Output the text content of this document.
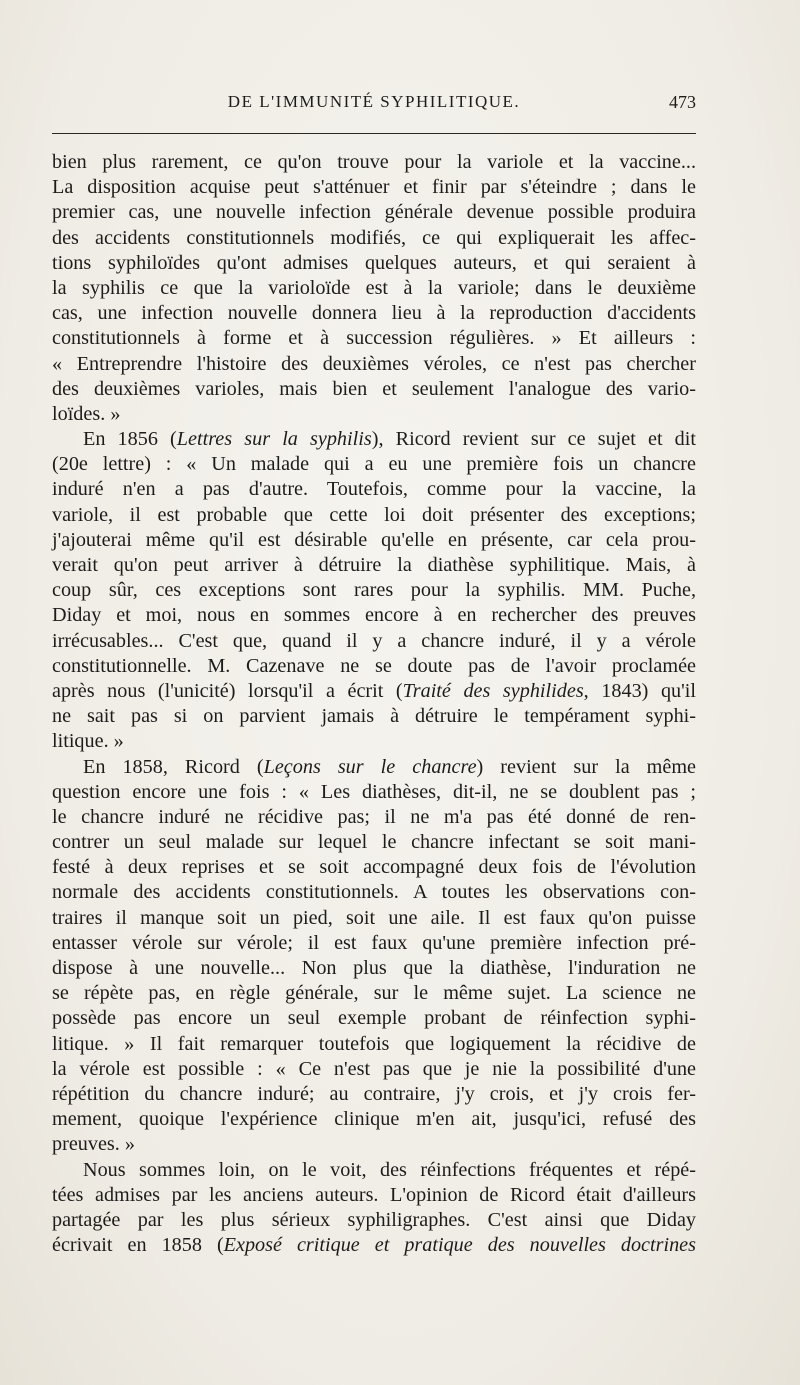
DE L'IMMUNITÉ SYPHILITIQUE.	473
bien plus rarement, ce qu'on trouve pour la variole et la vaccine...
La disposition acquise peut s'atténuer et finir par s'éteindre ; dans le
premier cas, une nouvelle infection générale devenue possible produira
des accidents constitutionnels modifiés, ce qui expliquerait les affec-
tions syphiloïdes qu'ont admises quelques auteurs, et qui seraient à
la syphilis ce que la varioloïde est à la variole; dans le deuxième
cas, une infection nouvelle donnera lieu à la reproduction d'accidents
constitutionnels à forme et à succession régulières. » Et ailleurs :
« Entreprendre l'histoire des deuxièmes véroles, ce n'est pas chercher
des deuxièmes varioles, mais bien et seulement l'analogue des vario-
loïdes. »
En 1856 (Lettres sur la syphilis), Ricord revient sur ce sujet et dit
(20e lettre) : « Un malade qui a eu une première fois un chancre
induré n'en a pas d'autre. Toutefois, comme pour la vaccine, la
variole, il est probable que cette loi doit présenter des exceptions;
j'ajouterai même qu'il est désirable qu'elle en présente, car cela prou-
verait qu'on peut arriver à détruire la diathèse syphilitique. Mais, à
coup sûr, ces exceptions sont rares pour la syphilis. MM. Puche,
Diday et moi, nous en sommes encore à en rechercher des preuves
irrécusables... C'est que, quand il y a chancre induré, il y a vérole
constitutionnelle. M. Cazenave ne se doute pas de l'avoir proclamée
après nous (l'unicité) lorsqu'il a écrit (Traité des syphilides, 1843) qu'il
ne sait pas si on parvient jamais à détruire le tempérament syphi-
litique. »
En 1858, Ricord (Leçons sur le chancre) revient sur la même
question encore une fois : « Les diathèses, dit-il, ne se doublent pas ;
le chancre induré ne récidive pas; il ne m'a pas été donné de ren-
contrer un seul malade sur lequel le chancre infectant se soit mani-
festé à deux reprises et se soit accompagné deux fois de l'évolution
normale des accidents constitutionnels. A toutes les observations con-
traires il manque soit un pied, soit une aile. Il est faux qu'on puisse
entasser vérole sur vérole; il est faux qu'une première infection pré-
dispose à une nouvelle... Non plus que la diathèse, l'induration ne
se répète pas, en règle générale, sur le même sujet. La science ne
possède pas encore un seul exemple probant de réinfection syphi-
litique. » Il fait remarquer toutefois que logiquement la récidive de
la vérole est possible : « Ce n'est pas que je nie la possibilité d'une
répétition du chancre induré; au contraire, j'y crois, et j'y crois fer-
mement, quoique l'expérience clinique m'en ait, jusqu'ici, refusé des
preuves. »
Nous sommes loin, on le voit, des réinfections fréquentes et répé-
tées admises par les anciens auteurs. L'opinion de Ricord était d'ailleurs
partagée par les plus sérieux syphiligraphes. C'est ainsi que Diday
écrivait en 1858 (Exposé critique et pratique des nouvelles doctrines
